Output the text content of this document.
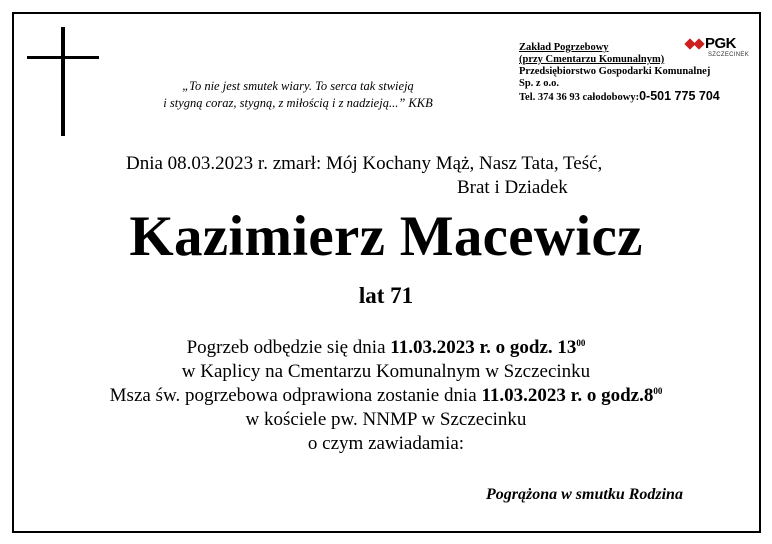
„To nie jest smutek wiary. To serca tak stwieją
i stygną coraz, stygną, z miłością i z nadzieją...” KKB
PGK
SZCZECINEK
Zakład Pogrzebowy
(przy Cmentarzu Komunalnym)
Przedsiębiorstwo Gospodarki Komunalnej
Sp. z o.o.
Tel. 374 36 93 całodobowy:0-501 775 704
Dnia 08.03.2023 r. zmarł: Mój Kochany Mąż, Nasz Tata, Teść,
Brat i Dziadek
Kazimierz Macewicz
lat 71
Pogrzeb odbędzie się dnia 11.03.2023 r. o godz. $13^{00}$
w Kaplicy na Cmentarzu Komunalnym w Szczecinku
Msza św. pogrzebowa odprawiona zostanie dnia 11.03.2023 r. o $godz.8^{00}$
w kościele pw. NNMP w Szczecinku
o czym zawiadamia:
Pogrążona w smutku Rodzina
